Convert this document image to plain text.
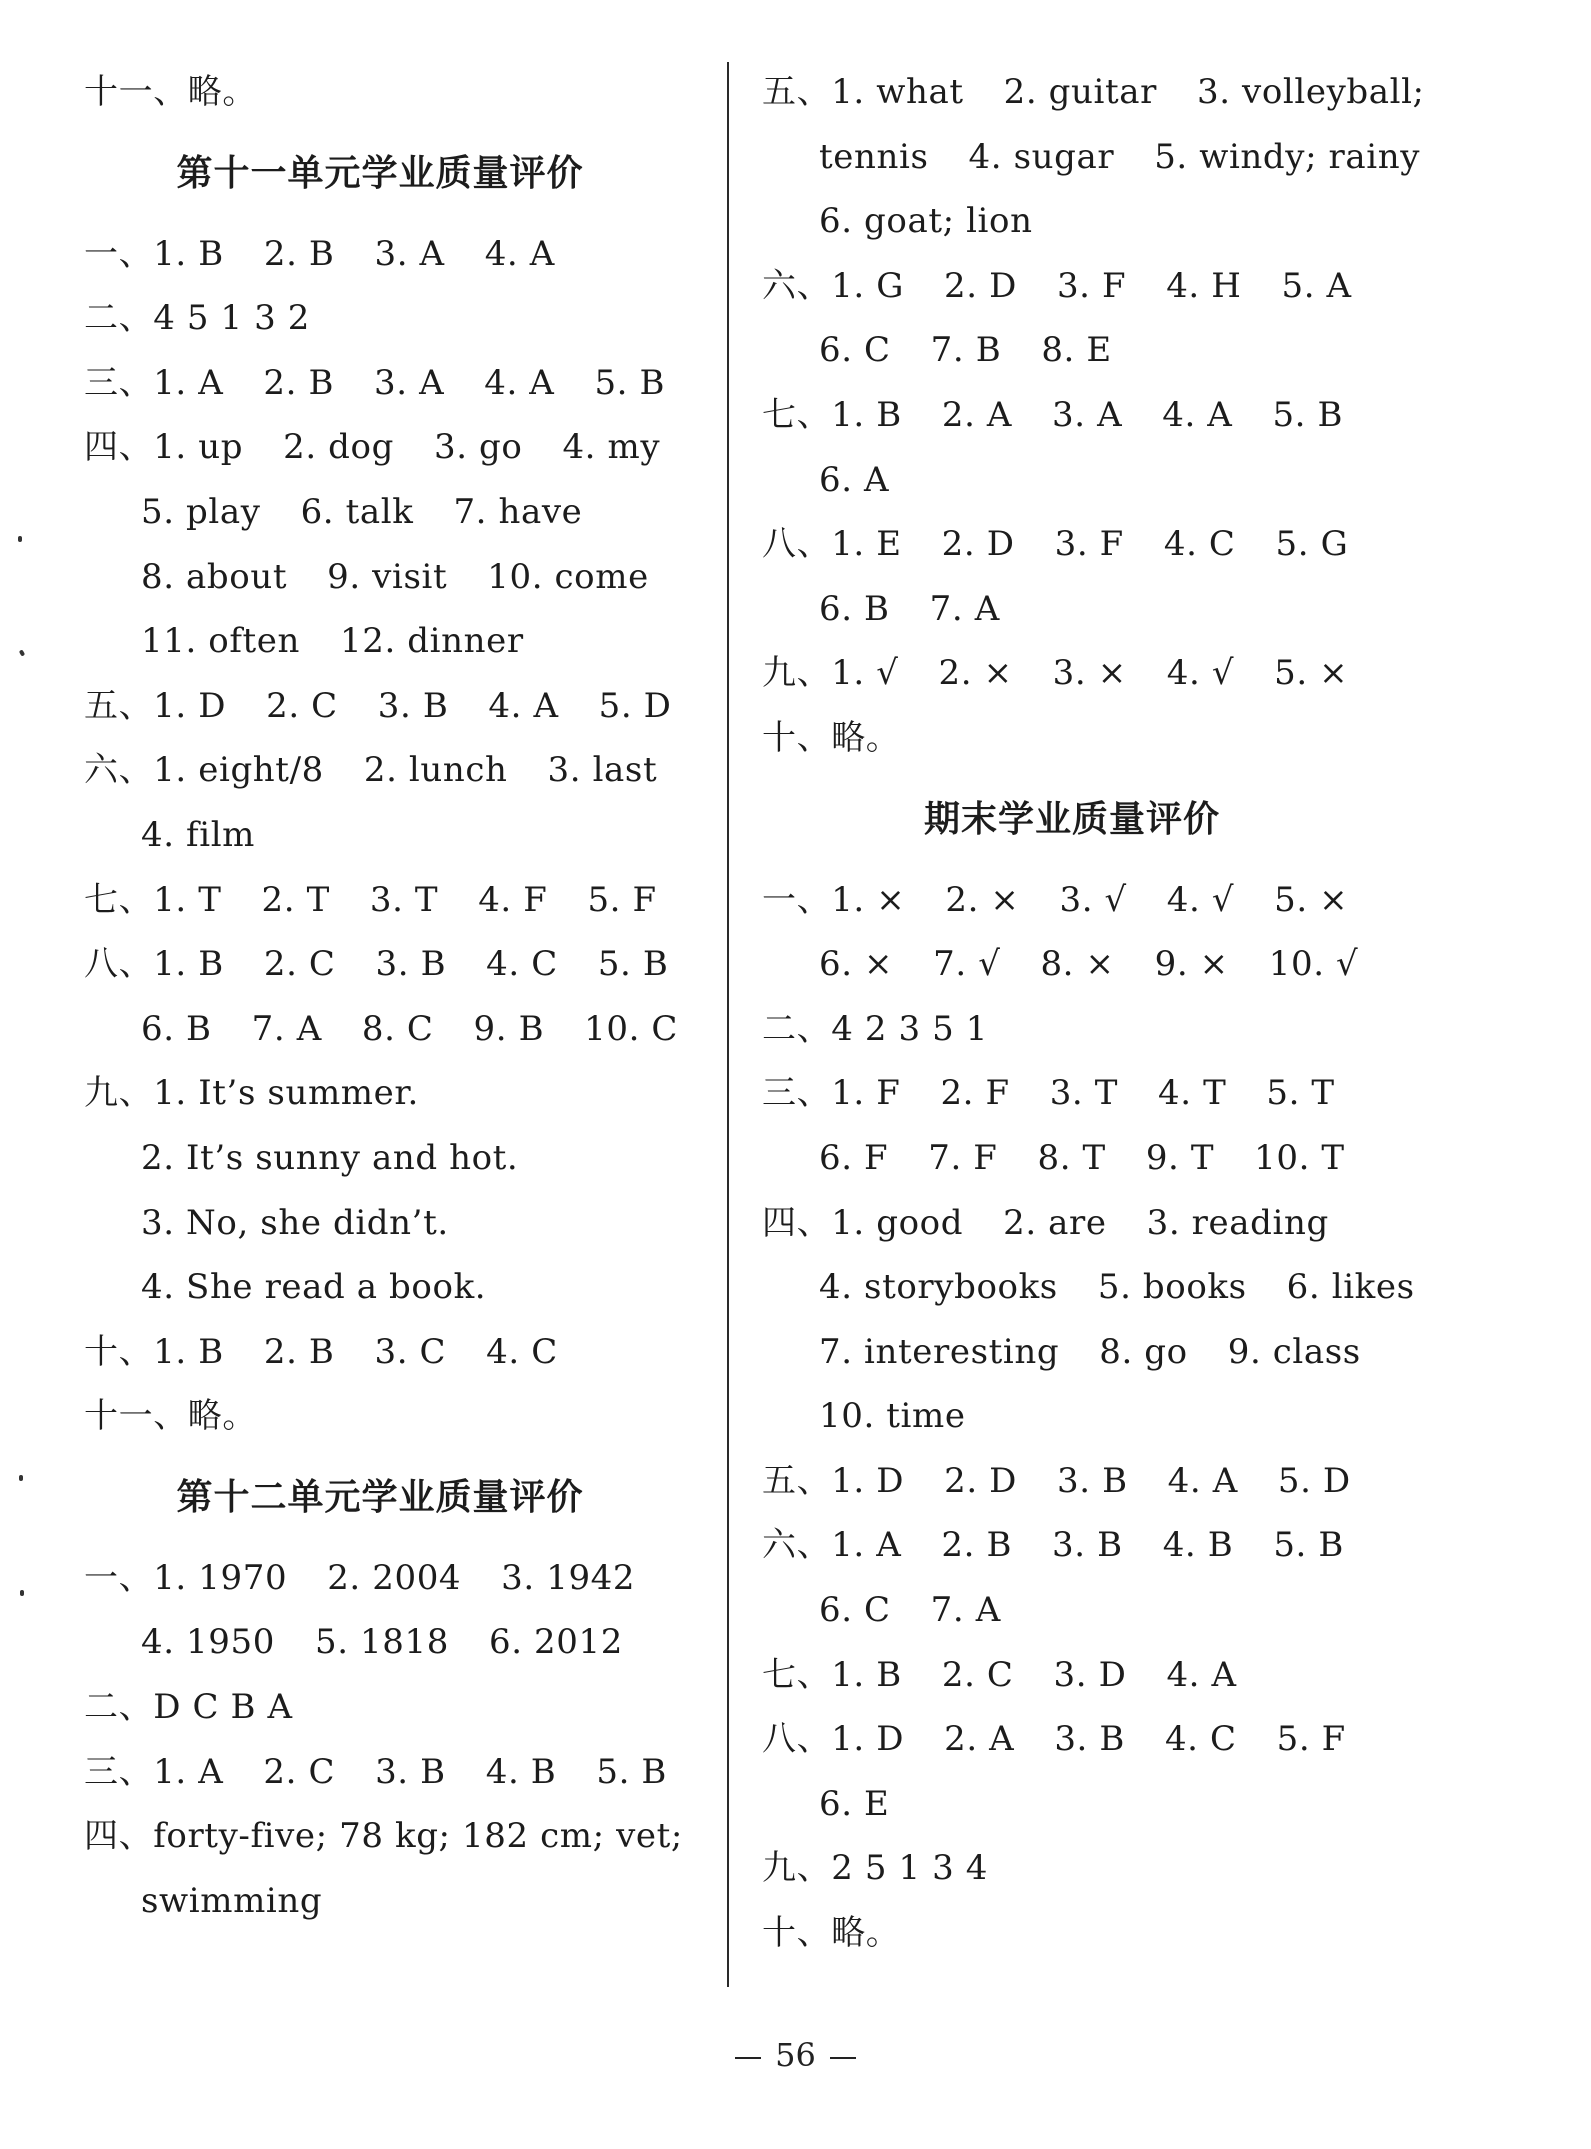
十一、略。
第十一单元学业质量评价
一、1. B 2. B 3. A 4. A
二、4 5 1 3 2
三、1. A 2. B 3. A 4. A 5. B
四、1. up 2. dog 3. go 4. my
5. play 6. talk 7. have
8. about 9. visit 10. come
11. often 12. dinner
五、1. D 2. C 3. B 4. A 5. D
六、1. eight/8 2. lunch 3. last
4. film
七、1. T 2. T 3. T 4. F 5. F
八、1. B 2. C 3. B 4. C 5. B
6. B 7. A 8. C 9. B 10. C
九、1. It’s summer.
2. It’s sunny and hot.
3. No, she didn’t.
4. She read a book.
十、1. B 2. B 3. C 4. C
十一、略。
第十二单元学业质量评价
一、1. 1970 2. 2004 3. 1942
4. 1950 5. 1818 6. 2012
二、D C B A
三、1. A 2. C 3. B 4. B 5. B
四、forty-five; 78 kg; 182 cm; vet;
swimming
五、1. what 2. guitar 3. volleyball;
tennis 4. sugar 5. windy; rainy
6. goat; lion
六、1. G 2. D 3. F 4. H 5. A
6. C 7. B 8. E
七、1. B 2. A 3. A 4. A 5. B
6. A
八、1. E 2. D 3. F 4. C 5. G
6. B 7. A
九、1. √ 2. × 3. × 4. √ 5. ×
十、略。
期末学业质量评价
一、1. × 2. × 3. √ 4. √ 5. ×
6. × 7. √ 8. × 9. × 10. √
二、4 2 3 5 1
三、1. F 2. F 3. T 4. T 5. T
6. F 7. F 8. T 9. T 10. T
四、1. good 2. are 3. reading
4. storybooks 5. books 6. likes
7. interesting 8. go 9. class
10. time
五、1. D 2. D 3. B 4. A 5. D
六、1. A 2. B 3. B 4. B 5. B
6. C 7. A
七、1. B 2. C 3. D 4. A
八、1. D 2. A 3. B 4. C 5. F
6. E
九、2 5 1 3 4
十、略。
56
